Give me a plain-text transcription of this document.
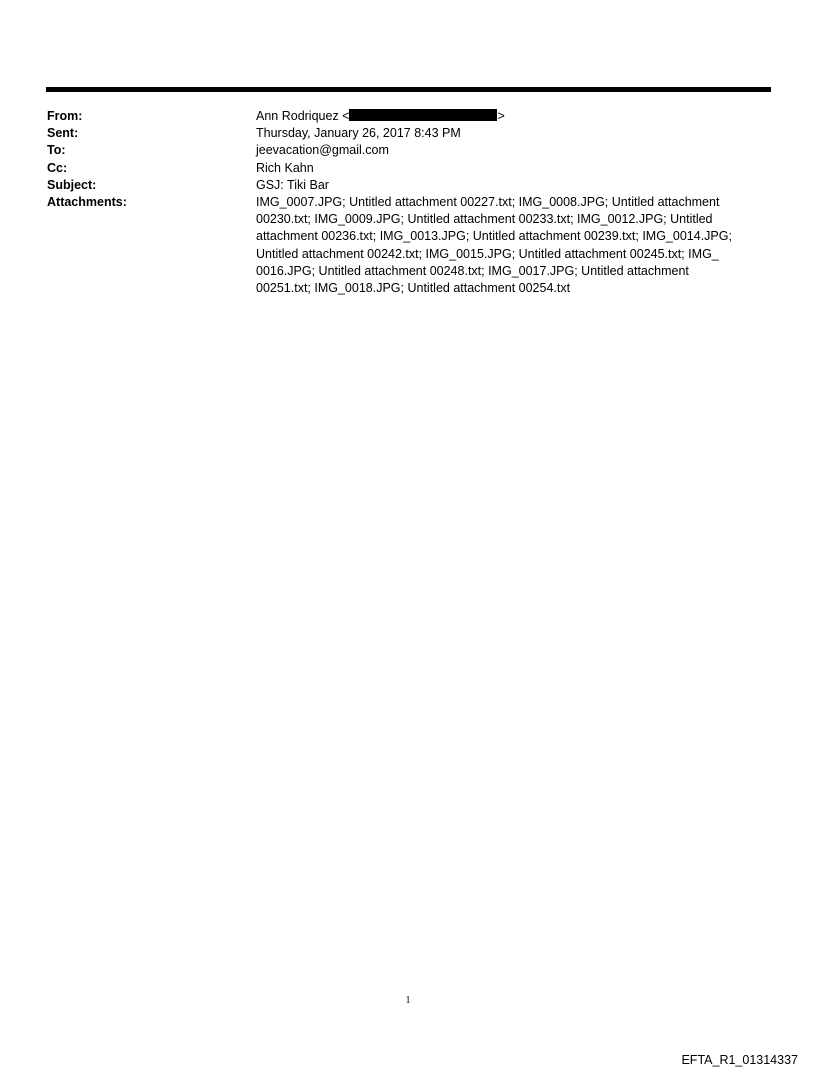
From:	Ann Rodriquez <	>
Sent:	Thursday, January 26, 2017 8:43 PM
To:	jeevacation@gmail.com
Cc:	Rich Kahn
Subject:	GSJ: Tiki Bar
Attachments:	IMG_0007.JPG; Untitled attachment 00227.txt; IMG_0008.JPG; Untitled attachment
00230.txt; IMG_0009.JPG; Untitled attachment 00233.txt; IMG_0012.JPG; Untitled
attachment 00236.txt; IMG_0013.JPG; Untitled attachment 00239.txt; IMG_0014.JPG;
Untitled attachment 00242.txt; IMG_0015.JPG; Untitled attachment 00245.txt; IMG_
0016.JPG; Untitled attachment 00248.txt; IMG_0017.JPG; Untitled attachment
00251.txt; IMG_0018.JPG; Untitled attachment 00254.txt
1
EFTA_R1_01314337
